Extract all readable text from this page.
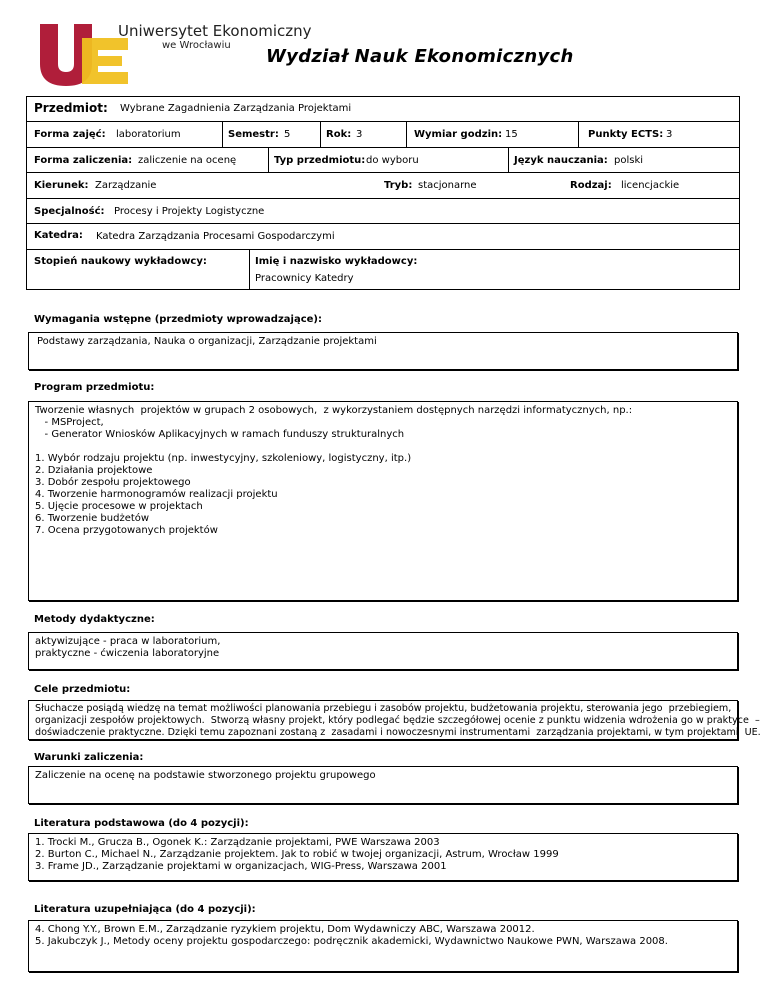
Uniwersytet Ekonomiczny
we Wrocławiu
Wydział Nauk Ekonomicznych
Przedmiot: Wybrane Zagadnienia Zarządzania Projektami
Forma zajęć: laboratorium	Semestr: 5	Rok: 3	Wymiar godzin: 15	Punkty ECTS: 3
Forma zaliczenia: zaliczenie na ocenę	Typ przedmiotu: do wyboru	Język nauczania: polski
Kierunek: Zarządzanie	Tryb: stacjonarne	Rodzaj: licencjackie
Specjalność: Procesy i Projekty Logistyczne
Katedra: Katedra Zarządzania Procesami Gospodarczymi
Stopień naukowy wykładowcy:	Imię i nazwisko wykładowcy:
Pracownicy Katedry
Wymagania wstępne (przedmioty wprowadzające):
Podstawy zarządzania, Nauka o organizacji, Zarządzanie projektami
Program przedmiotu:
Tworzenie własnych  projektów w grupach 2 osobowych,  z wykorzystaniem dostępnych narzędzi informatycznych, np.:
- MSProject,
- Generator Wniosków Aplikacyjnych w ramach funduszy strukturalnych
1. Wybór rodzaju projektu (np. inwestycyjny, szkoleniowy, logistyczny, itp.)
2. Działania projektowe
3. Dobór zespołu projektowego
4. Tworzenie harmonogramów realizacji projektu
5. Ujęcie procesowe w projektach
6. Tworzenie budżetów
7. Ocena przygotowanych projektów
Metody dydaktyczne:
aktywizujące - praca w laboratorium,
praktyczne - ćwiczenia laboratoryjne
Cele przedmiotu:
Słuchacze posiądą wiedzę na temat możliwości planowania przebiegu i zasobów projektu, budżetowania projektu, sterowania jego  przebiegiem,
organizacji zespołów projektowych.  Stworzą własny projekt, który podlegać będzie szczegółowej ocenie z punktu widzenia wdrożenia go w praktyce  –
doświadczenie praktyczne. Dzięki temu zapoznani zostaną z  zasadami i nowoczesnymi instrumentami  zarządzania projektami, w tym projektami  UE.
Warunki zaliczenia:
Zaliczenie na ocenę na podstawie stworzonego projektu grupowego
Literatura podstawowa (do 4 pozycji):
1. Trocki M., Grucza B., Ogonek K.: Zarządzanie projektami, PWE Warszawa 2003
2. Burton C., Michael N., Zarządzanie projektem. Jak to robić w twojej organizacji, Astrum, Wrocław 1999
3. Frame JD., Zarządzanie projektami w organizacjach, WIG-Press, Warszawa 2001
Literatura uzupełniająca (do 4 pozycji):
4. Chong Y.Y., Brown E.M., Zarządzanie ryzykiem projektu, Dom Wydawniczy ABC, Warszawa 20012.
5. Jakubczyk J., Metody oceny projektu gospodarczego: podręcznik akademicki, Wydawnictwo Naukowe PWN, Warszawa 2008.
